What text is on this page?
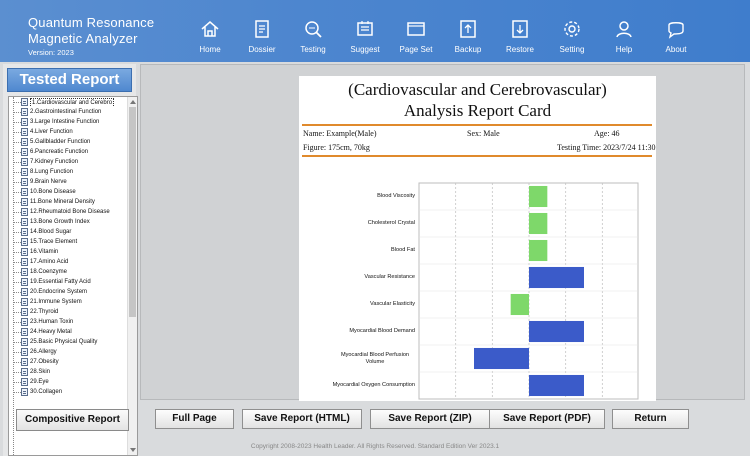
Quantum Resonance
Magnetic Analyzer
Version: 2023	Home	Dossier	Testing	Suggest	Page Set	Backup	Restore	Setting	Help	About
Tested Report
1.Cardiovascular and Cerebro
2.Gastrointestinal Function
3.Large Intestine Function
4.Liver Function
5.Gallbladder Function
6.Pancreatic Function
7.Kidney Function
8.Lung Function
9.Brain Nerve
10.Bone Disease
11.Bone Mineral Density
12.Rheumatoid Bone Disease
13.Bone Growth Index
14.Blood Sugar
15.Trace Element
16.Vitamin
17.Amino Acid
18.Coenzyme
19.Essential Fatty Acid
20.Endocrine System
21.Immune System
22.Thyroid
23.Human Toxin
24.Heavy Metal
25.Basic Physical Quality
26.Allergy
27.Obesity
28.Skin
29.Eye
30.Collagen
Compositive Report
(Cardiovascular and Cerebrovascular)
Analysis Report Card
Name: Example(Male)	Sex: Male	Age: 46
Figure: 175cm, 70kg	Testing Time: 2023/7/24 11:30
Blood Viscosity
Cholesterol Crystal
Blood Fat
Vascular Resistance
Vascular Elasticity
Myocardial Blood Demand
Myocardial Blood Perfusion Volume
Myocardial Oxygen Consumption
Full Page	Save Report (HTML)	Save Report (ZIP)	Save Report (PDF)	Return
Copyright 2008-2023 Health Leader. All Rights Reserved. Standard Edition Ver 2023.1
